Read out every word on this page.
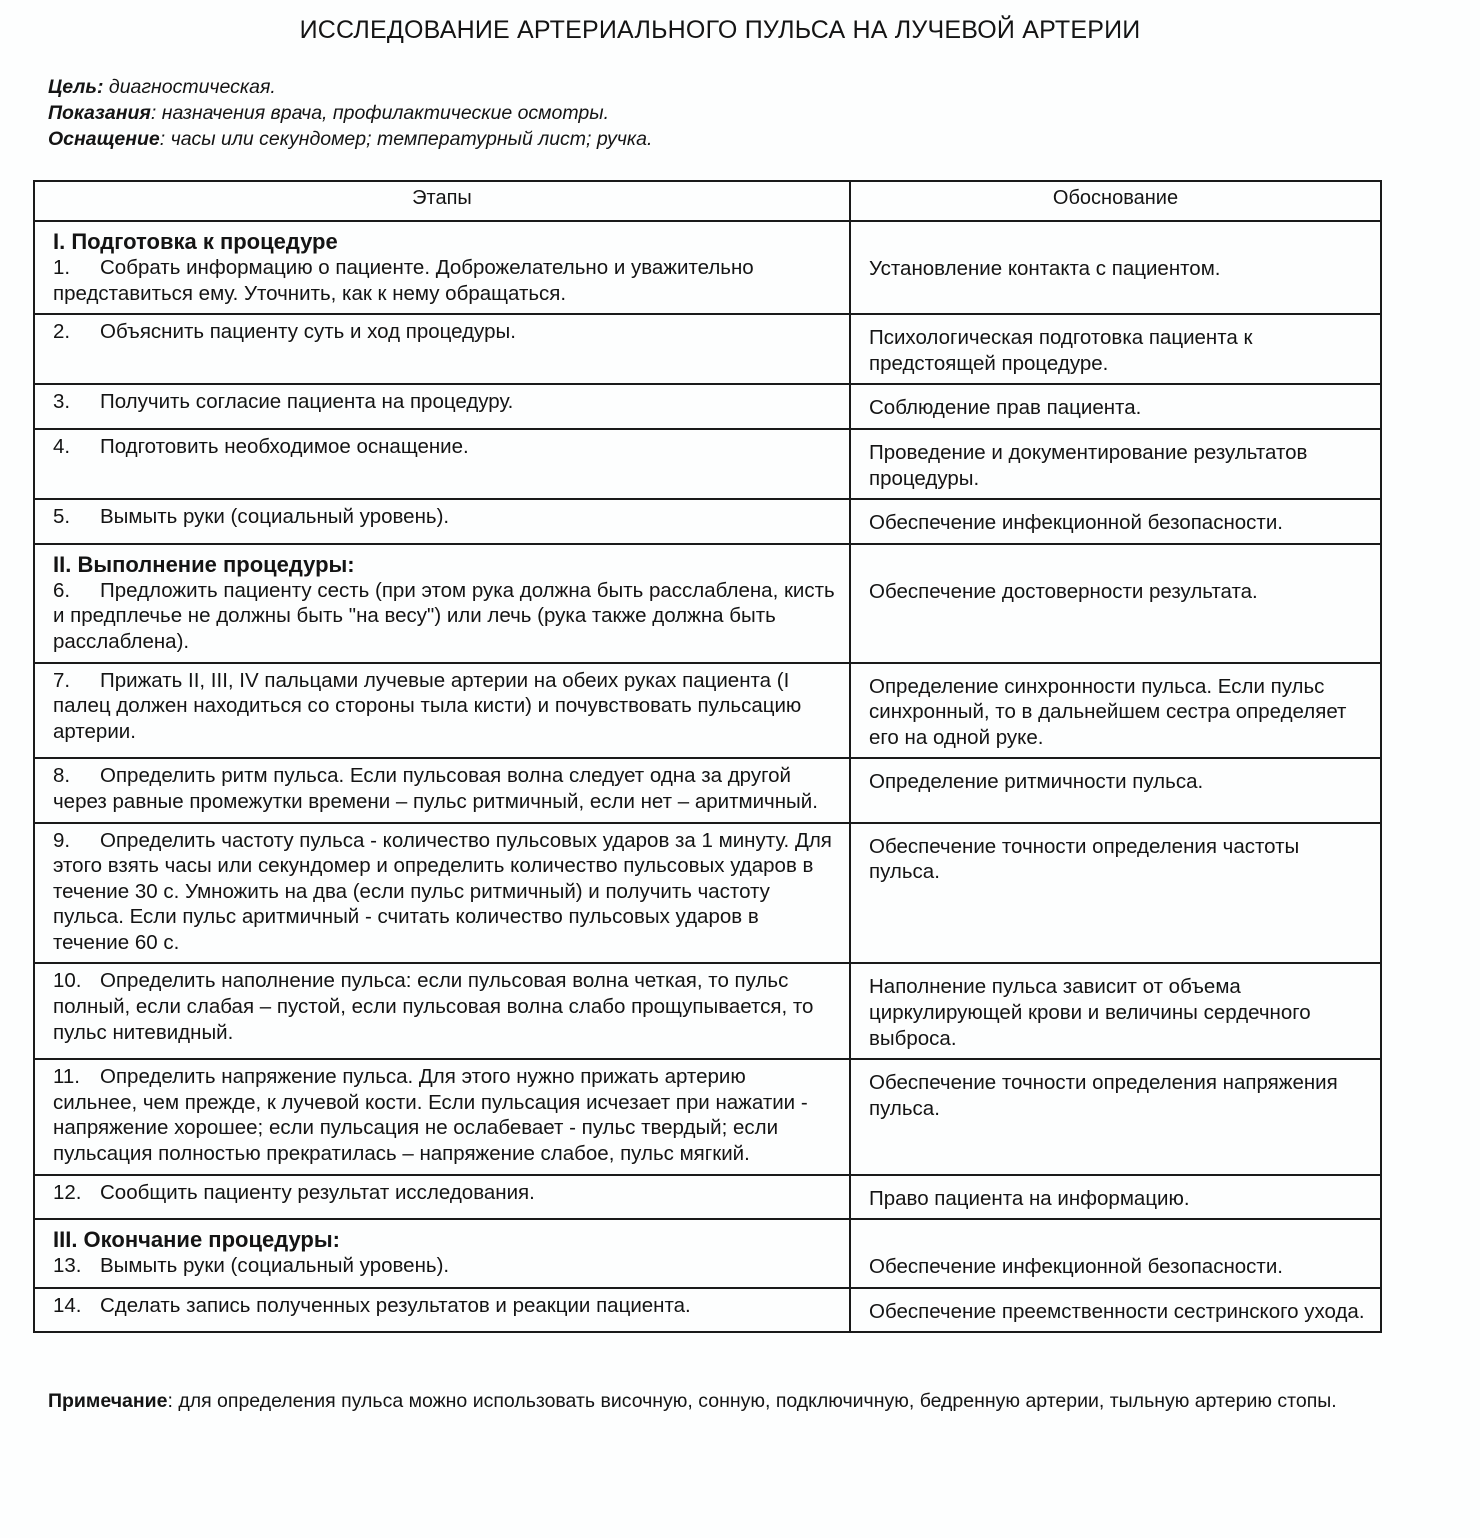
ИССЛЕДОВАНИЕ АРТЕРИАЛЬНОГО ПУЛЬСА НА ЛУЧЕВОЙ АРТЕРИИ

Цель: диагностическая.

Показания: назначения врача, профилактические осмотры.

Оснащение: часы или секундомер; температурный лист; ручка.

Этапы	Обоснование

I. Подготовка к процедуре
1. Собрать информацию о пациенте. Доброжелательно и уважительно представиться ему. Уточнить, как к нему обращаться.	Установление контакта с пациентом.

2. Объяснить пациенту суть и ход процедуры.	Психологическая подготовка пациента к предстоящей процедуре.

3. Получить согласие пациента на процедуру.	Соблюдение прав пациента.

4. Подготовить необходимое оснащение.	Проведение и документирование результатов процедуры.

5. Вымыть руки (социальный уровень).	Обеспечение инфекционной безопасности.

II. Выполнение процедуры:
6. Предложить пациенту сесть (при этом рука должна быть расслаблена, кисть и предплечье не должны быть "на весу") или лечь (рука также должна быть расслаблена).	Обеспечение достоверности результата.

7. Прижать II, III, IV пальцами лучевые артерии на обеих руках пациента (I палец должен находиться со стороны тыла кисти) и почувствовать пульсацию артерии.	Определение синхронности пульса. Если пульс синхронный, то в дальнейшем сестра определяет его на одной руке.

8. Определить ритм пульса. Если пульсовая волна следует одна за другой через равные промежутки времени – пульс ритмичный, если нет – аритмичный.	Определение ритмичности пульса.

9. Определить частоту пульса - количество пульсовых ударов за 1 минуту. Для этого взять часы или секундомер и определить количество пульсовых ударов в течение 30 с. Умножить на два (если пульс ритмичный) и получить частоту пульса. Если пульс аритмичный - считать количество пульсовых ударов в течение 60 с.	Обеспечение точности определения частоты пульса.

10. Определить наполнение пульса: если пульсовая волна четкая, то пульс полный, если слабая – пустой, если пульсовая волна слабо прощупывается, то пульс нитевидный.	Наполнение пульса зависит от объема циркулирующей крови и величины сердечного выброса.

11. Определить напряжение пульса. Для этого нужно прижать артерию сильнее, чем прежде, к лучевой кости. Если пульсация исчезает при нажатии - напряжение хорошее; если пульсация не ослабевает - пульс твердый; если пульсация полностью прекратилась – напряжение слабое, пульс мягкий.	Обеспечение точности определения напряжения пульса.

12. Сообщить пациенту результат исследования.	Право пациента на информацию.

III. Окончание процедуры:
13. Вымыть руки (социальный уровень).	Обеспечение инфекционной безопасности.

14. Сделать запись полученных результатов и реакции пациента.	Обеспечение преемственности сестринского ухода.
Примечание: для определения пульса можно использовать височную, сонную, подключичную, бедренную артерии, тыльную артерию стопы.
